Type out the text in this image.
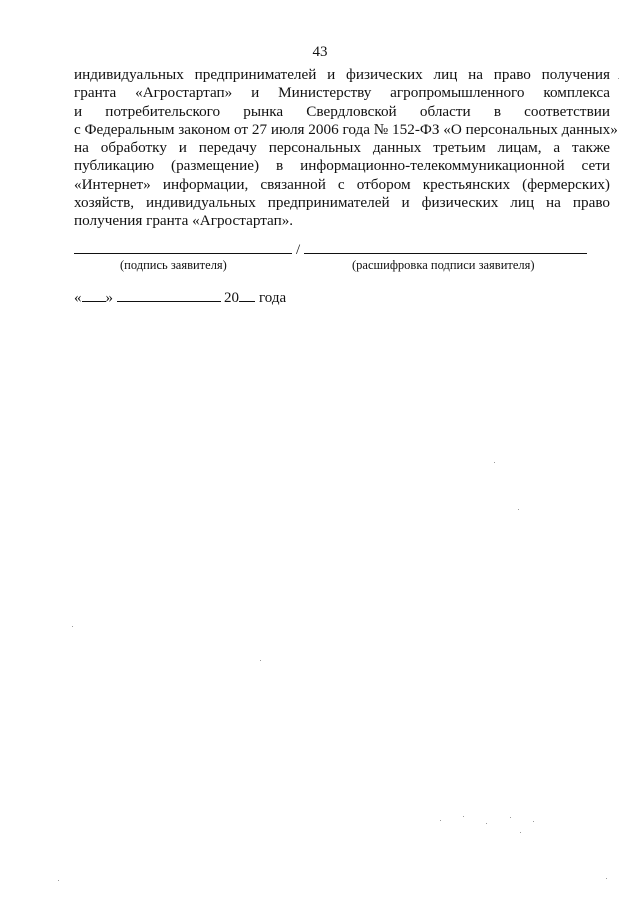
43
индивидуальных предпринимателей и физических лиц на право получения
гранта «Агростартап» и Министерству агропромышленного комплекса
и потребительского рынка Свердловской области в соответствии
с Федеральным законом от 27 июля 2006 года № 152-ФЗ «О персональных данных»
на обработку и передачу персональных данных третьим лицам, а также
публикацию (размещение) в информационно-телекоммуникационной сети
«Интернет» информации, связанной с отбором крестьянских (фермерских)
хозяйств, индивидуальных предпринимателей и физических лиц на право
получения гранта «Агростартап».
/
(подпись заявителя)	(расшифровка подписи заявителя)
« »	20 года
